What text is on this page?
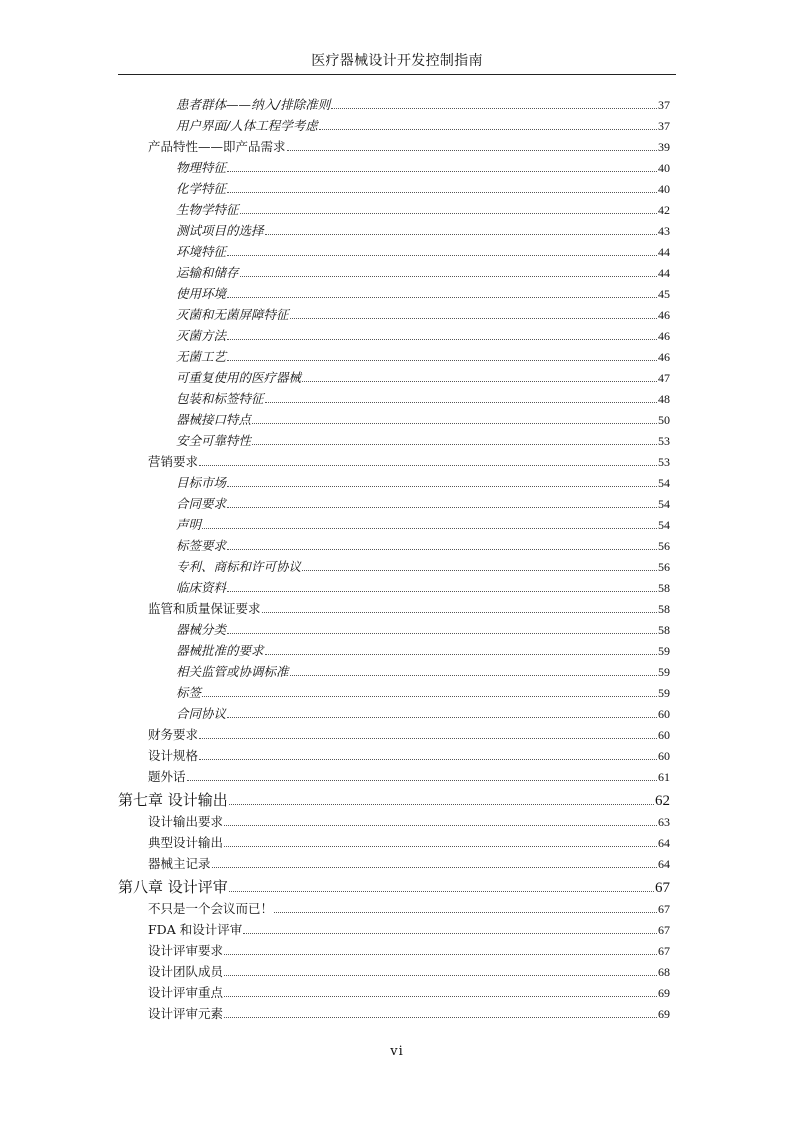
医疗器械设计开发控制指南
患者群体——纳入/排除准则	37
用户界面/人体工程学考虑	37
产品特性——即产品需求	39
物理特征	40
化学特征	40
生物学特征	42
测试项目的选择	43
环境特征	44
运输和储存	44
使用环境	45
灭菌和无菌屏障特征	46
灭菌方法	46
无菌工艺	46
可重复使用的医疗器械	47
包装和标签特征	48
器械接口特点	50
安全可靠特性	53
营销要求	53
目标市场	54
合同要求	54
声明	54
标签要求	56
专利、商标和许可协议	56
临床资料	58
监管和质量保证要求	58
器械分类	58
器械批准的要求	59
相关监管或协调标准	59
标签	59
合同协议	60
财务要求	60
设计规格	60
题外话	61
第七章 设计输出	62
设计输出要求	63
典型设计输出	64
器械主记录	64
第八章 设计评审	67
不只是一个会议而已！	67
FDA 和设计评审	67
设计评审要求	67
设计团队成员	68
设计评审重点	69
设计评审元素	69
vi
